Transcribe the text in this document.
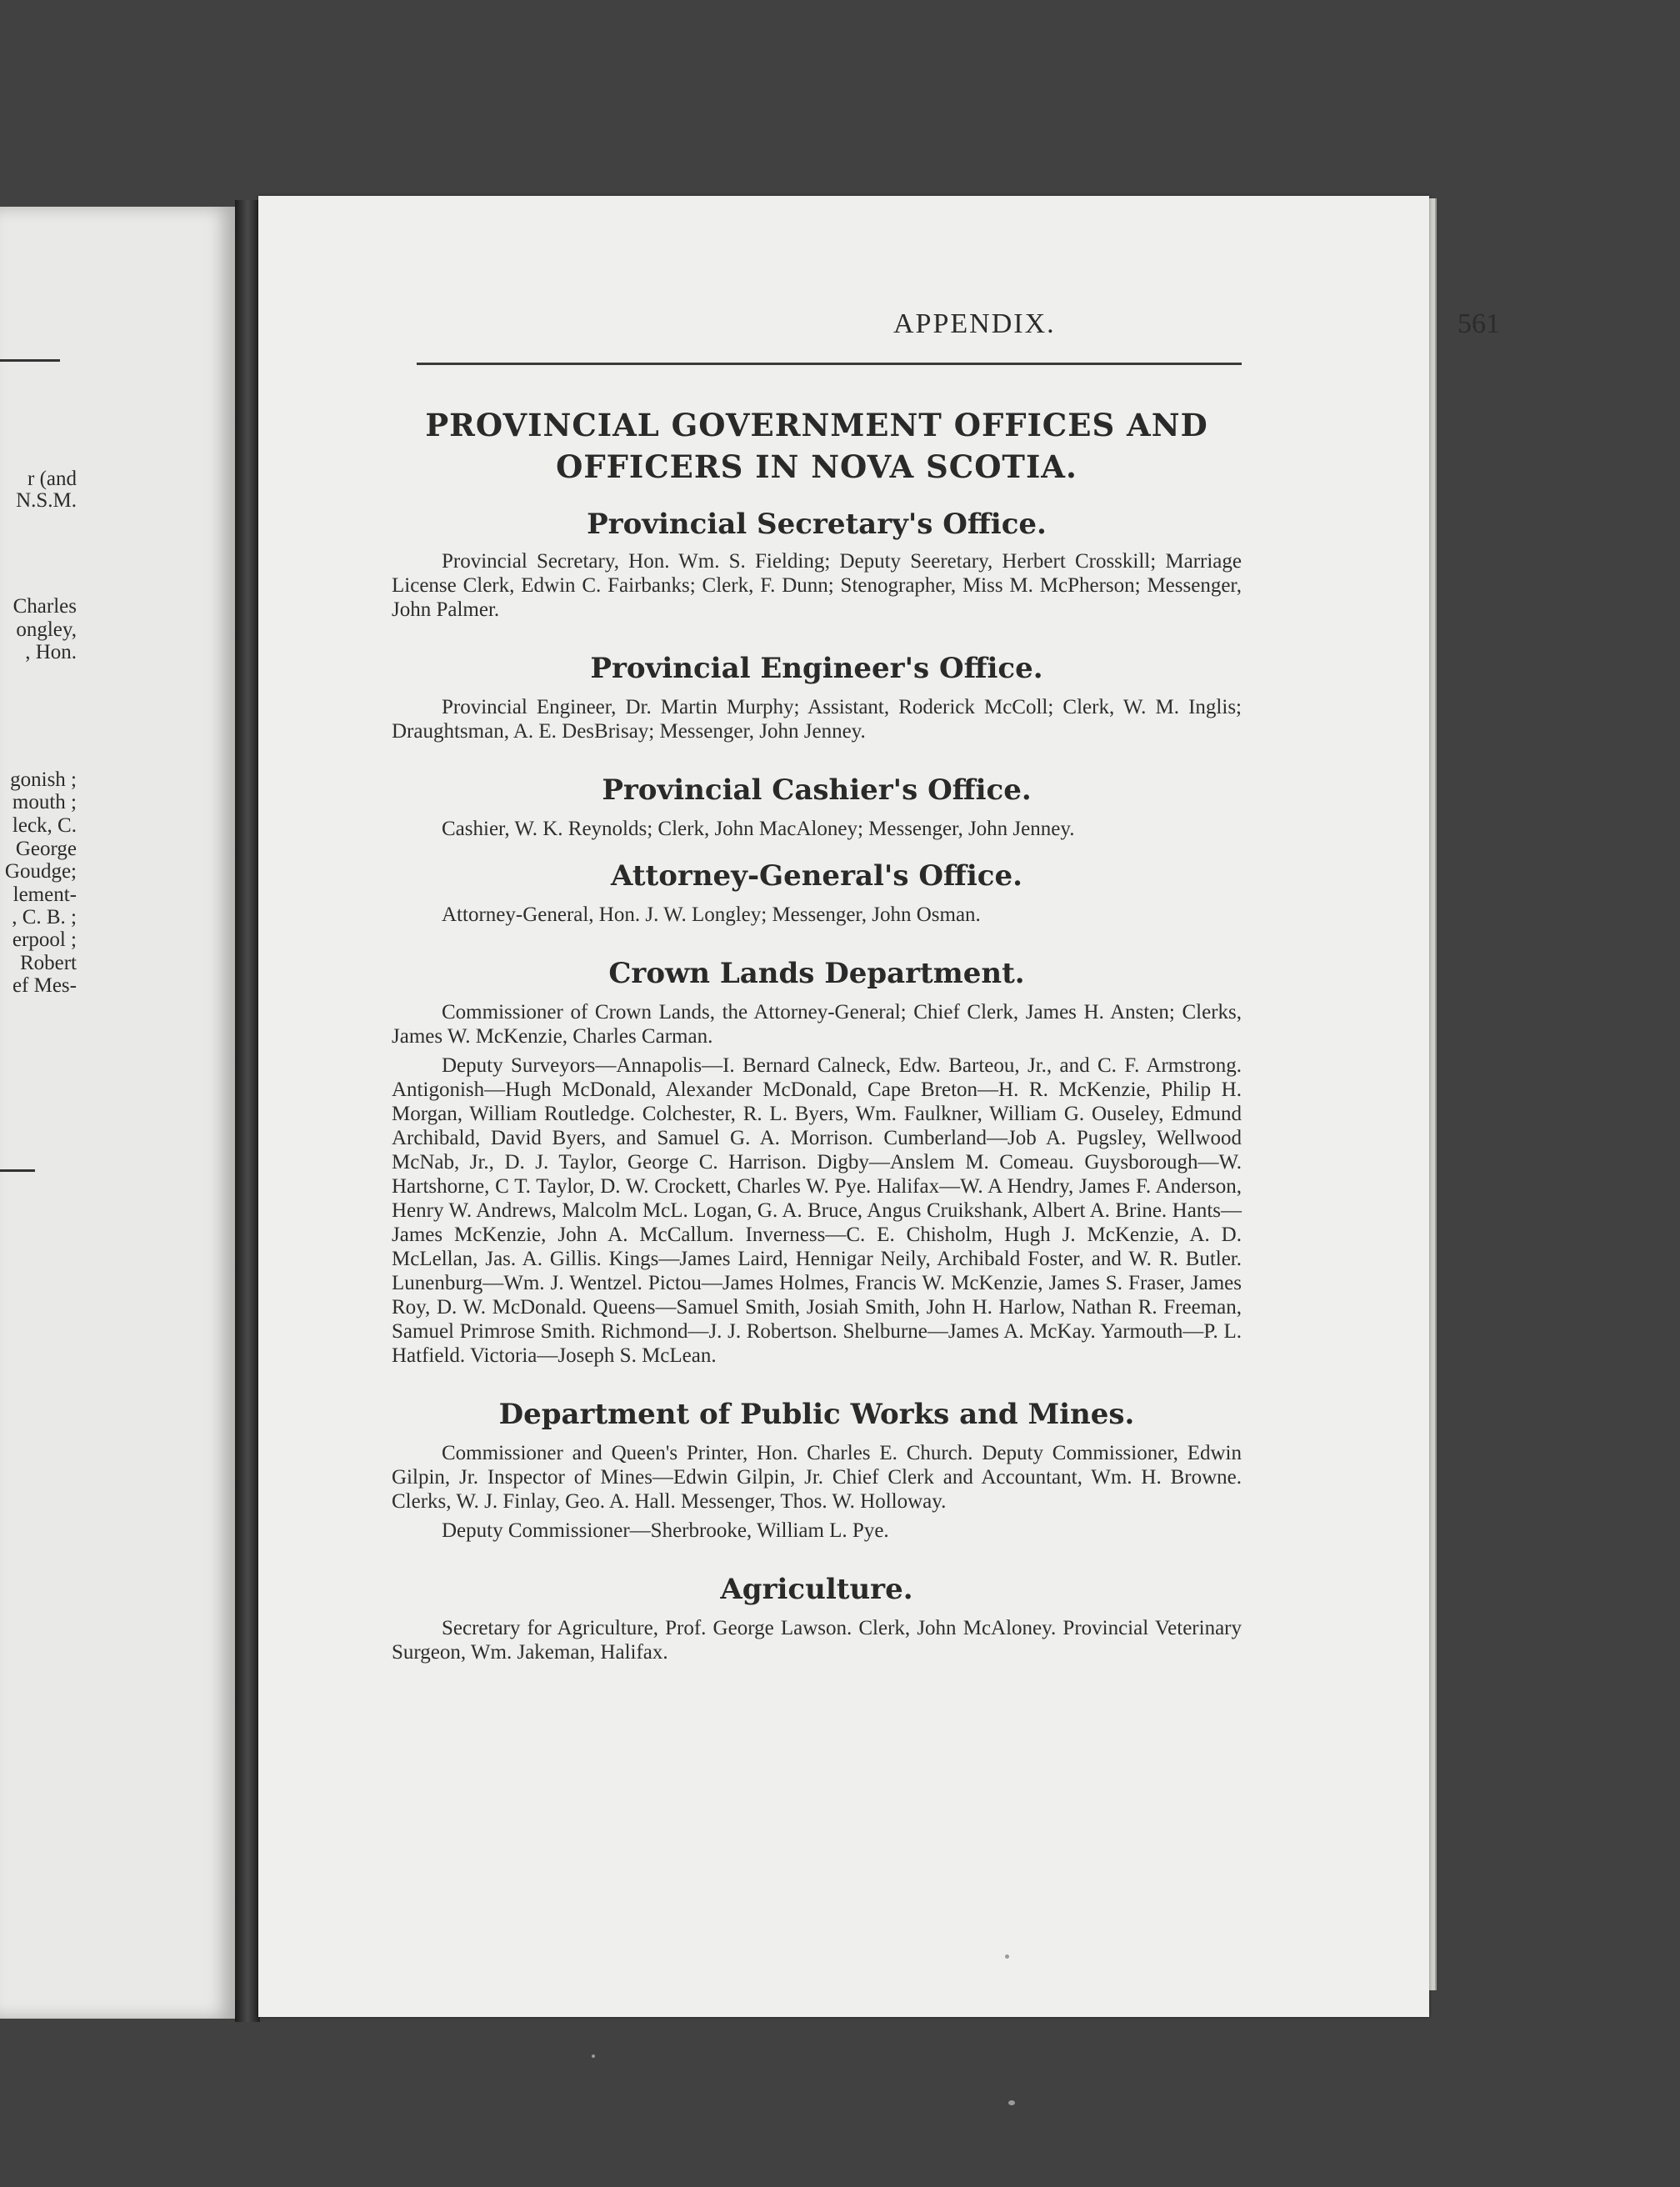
r (and

N.S.M.

Charles

ongley,

, Hon.

gonish ;

mouth ;

leck, C.

George

Goudge;

lement-

, C. B. ;

erpool ;

Robert

ef Mes-

APPENDIX.	561
PROVINCIAL GOVERNMENT OFFICES AND
OFFICERS IN NOVA SCOTIA.
Provincial Secretary's Office.

Provincial Secretary, Hon. Wm. S. Fielding; Deputy Seeretary, Herbert Crosskill; Marriage License Clerk, Edwin C. Fairbanks; Clerk, F. Dunn; Stenographer, Miss M. McPherson; Messenger, John Palmer.

Provincial Engineer's Office.

Provincial Engineer, Dr. Martin Murphy; Assistant, Roderick McColl; Clerk, W. M. Inglis; Draughtsman, A. E. DesBrisay; Messenger, John Jenney.

Provincial Cashier's Office.

Cashier, W. K. Reynolds; Clerk, John MacAloney; Messenger, John Jenney.

Attorney-General's Office.

Attorney-General, Hon. J. W. Longley; Messenger, John Osman.

Crown Lands Department.

Commissioner of Crown Lands, the Attorney-General; Chief Clerk, James H. Ansten; Clerks, James W. McKenzie, Charles Carman.

Deputy Surveyors—Annapolis—I. Bernard Calneck, Edw. Barteou, Jr., and C. F. Armstrong. Antigonish—Hugh McDonald, Alexander McDonald, Cape Breton—H. R. McKenzie, Philip H. Morgan, William Routledge. Colchester, R. L. Byers, Wm. Faulkner, William G. Ouseley, Edmund Archibald, David Byers, and Samuel G. A. Morrison. Cumberland—Job A. Pugsley, Wellwood McNab, Jr., D. J. Taylor, George C. Harrison. Digby—Anslem M. Comeau. Guysborough—W. Hartshorne, C T. Taylor, D. W. Crockett, Charles W. Pye. Halifax—W. A Hendry, James F. Anderson, Henry W. Andrews, Malcolm McL. Logan, G. A. Bruce, Angus Cruikshank, Albert A. Brine. Hants—James McKenzie, John A. McCallum. Inverness—C. E. Chisholm, Hugh J. McKenzie, A. D. McLellan, Jas. A. Gillis. Kings—James Laird, Hennigar Neily, Archibald Foster, and W. R. Butler. Lunenburg—Wm. J. Wentzel. Pictou—James Holmes, Francis W. McKenzie, James S. Fraser, James Roy, D. W. McDonald. Queens—Samuel Smith, Josiah Smith, John H. Harlow, Nathan R. Freeman, Samuel Primrose Smith. Richmond—J. J. Robertson. Shelburne—James A. McKay. Yarmouth—P. L. Hatfield. Victoria—Joseph S. McLean.

Department of Public Works and Mines.

Commissioner and Queen's Printer, Hon. Charles E. Church. Deputy Commissioner, Edwin Gilpin, Jr. Inspector of Mines—Edwin Gilpin, Jr. Chief Clerk and Accountant, Wm. H. Browne. Clerks, W. J. Finlay, Geo. A. Hall. Messenger, Thos. W. Holloway.

Deputy Commissioner—Sherbrooke, William L. Pye.

Agriculture.

Secretary for Agriculture, Prof. George Lawson. Clerk, John McAloney. Provincial Veterinary Surgeon, Wm. Jakeman, Halifax.
